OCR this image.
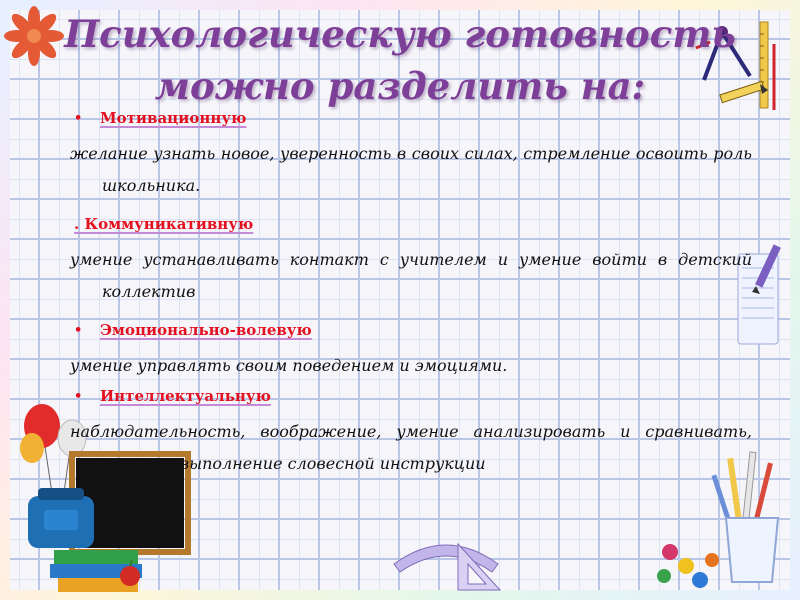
Психологическую готовность
можно разделить на:
•	Мотивационную

желание узнать новое, уверенность в своих силах, стремление освоить роль школьника.

. Коммуникативную

умение устанавливать контакт с учителем и умение войти в детский коллектив

•	Эмоционально-волевую

умение управлять своим поведением и эмоциями.

•	Интеллектуальную

наблюдательность, воображение, умение анализировать и сравнивать, память, выполнение словесной инструкции
